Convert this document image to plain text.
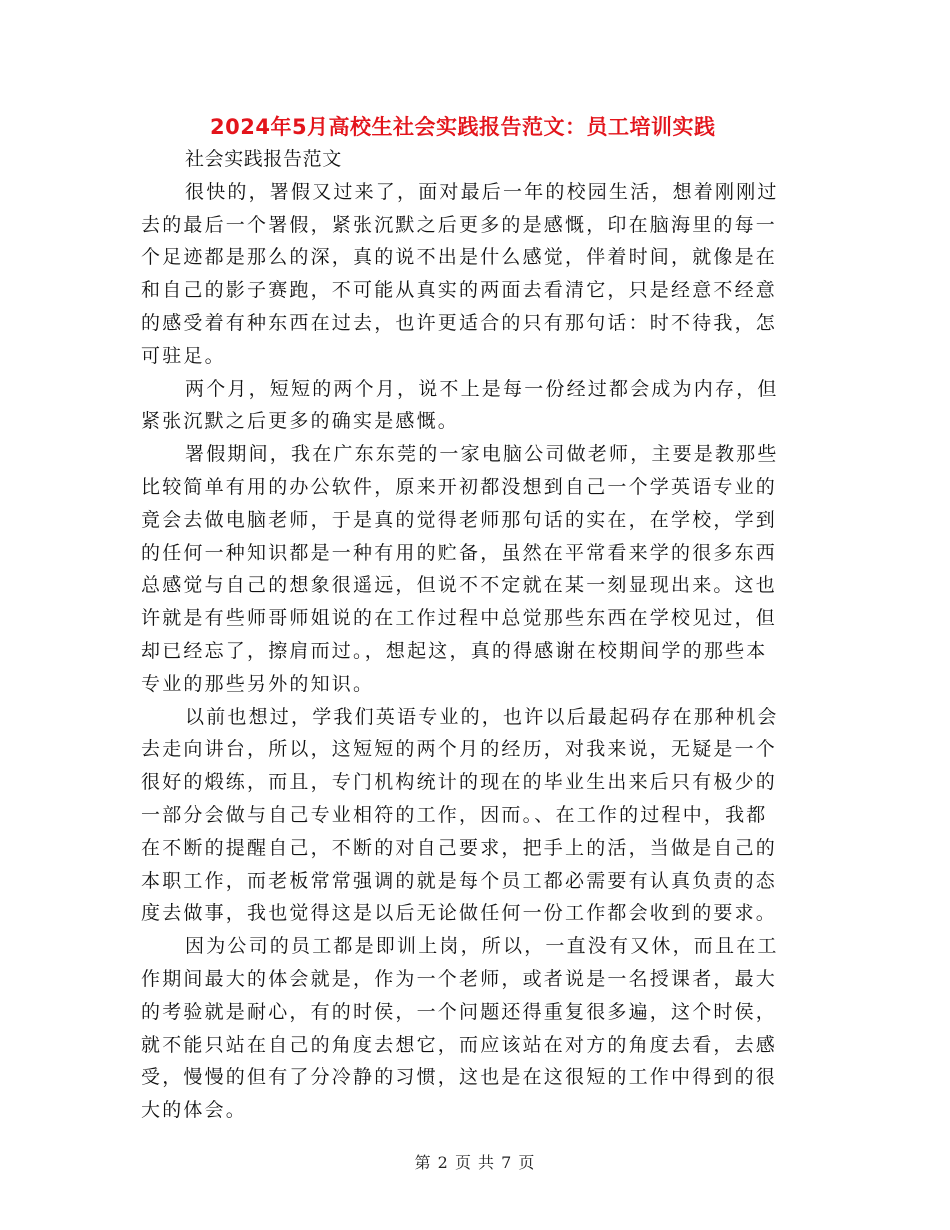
2024年5月高校生社会实践报告范文：员工培训实践

社会实践报告范文

很快的，署假又过来了，面对最后一年的校园生活，想着刚刚过

去的最后一个署假，紧张沉默之后更多的是感慨，印在脑海里的每一

个足迹都是那么的深，真的说不出是什么感觉，伴着时间，就像是在

和自己的影子赛跑，不可能从真实的两面去看清它，只是经意不经意

的感受着有种东西在过去，也许更适合的只有那句话：时不待我，怎

可驻足。

两个月，短短的两个月，说不上是每一份经过都会成为内存，但

紧张沉默之后更多的确实是感慨。

署假期间，我在广东东莞的一家电脑公司做老师，主要是教那些

比较简单有用的办公软件，原来开初都没想到自己一个学英语专业的

竟会去做电脑老师，于是真的觉得老师那句话的实在，在学校，学到

的任何一种知识都是一种有用的贮备，虽然在平常看来学的很多东西

总感觉与自己的想象很遥远，但说不不定就在某一刻显现出来。这也

许就是有些师哥师姐说的在工作过程中总觉那些东西在学校见过，但

却已经忘了，擦肩而过。，想起这，真的得感谢在校期间学的那些本

专业的那些另外的知识。

以前也想过，学我们英语专业的，也许以后最起码存在那种机会

去走向讲台，所以，这短短的两个月的经历，对我来说，无疑是一个

很好的煅练，而且，专门机构统计的现在的毕业生出来后只有极少的

一部分会做与自己专业相符的工作，因而。、在工作的过程中，我都

在不断的提醒自己，不断的对自己要求，把手上的活，当做是自己的

本职工作，而老板常常强调的就是每个员工都必需要有认真负责的态

度去做事，我也觉得这是以后无论做任何一份工作都会收到的要求。

因为公司的员工都是即训上岗，所以，一直没有又休，而且在工

作期间最大的体会就是，作为一个老师，或者说是一名授课者，最大

的考验就是耐心，有的时侯，一个问题还得重复很多遍，这个时侯，

就不能只站在自己的角度去想它，而应该站在对方的角度去看，去感

受，慢慢的但有了分冷静的习惯，这也是在这很短的工作中得到的很

大的体会。

第 2 页 共 7 页
